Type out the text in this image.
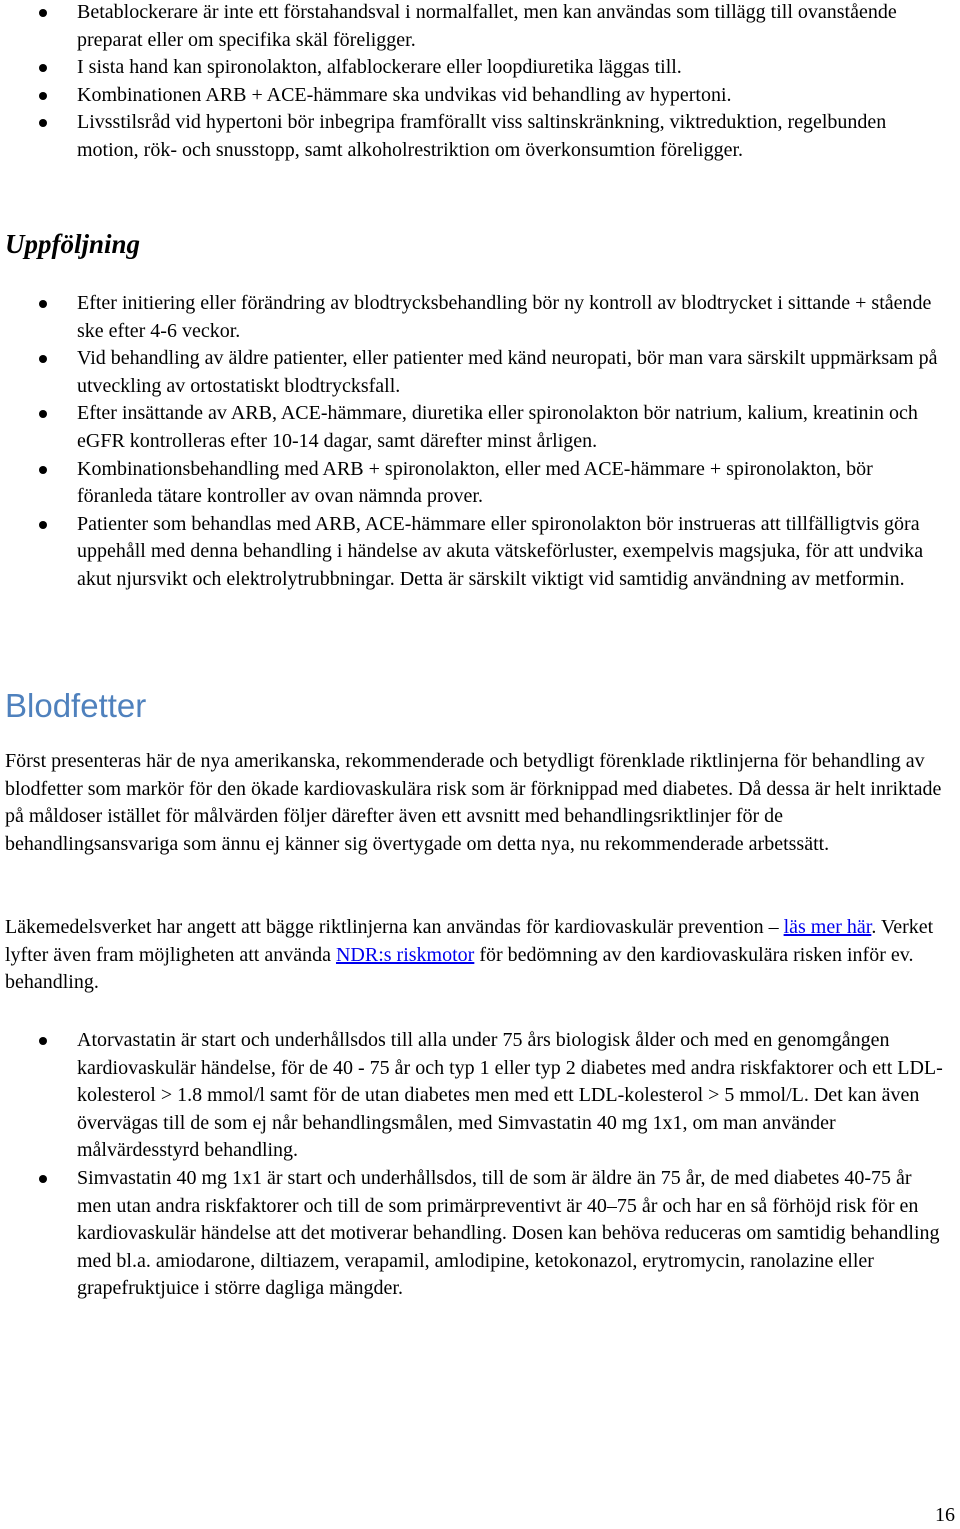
Betablockerare är inte ett förstahandsval i normalfallet, men kan användas som tillägg till ovanstående preparat eller om specifika skäl föreligger.
I sista hand kan spironolakton, alfablockerare eller loopdiuretika läggas till.
Kombinationen ARB + ACE-hämmare ska undvikas vid behandling av hypertoni.
Livsstilsråd vid hypertoni bör inbegripa framförallt viss saltinskränkning, viktreduktion, regelbunden motion, rök- och snusstopp, samt alkoholrestriktion om överkonsumtion föreligger.
Uppföljning
Efter initiering eller förändring av blodtrycksbehandling bör ny kontroll av blodtrycket i sittande + stående ske efter 4-6 veckor.
Vid behandling av äldre patienter, eller patienter med känd neuropati, bör man vara särskilt uppmärksam på utveckling av ortostatiskt blodtrycksfall.
Efter insättande av ARB, ACE-hämmare, diuretika eller spironolakton bör natrium, kalium, kreatinin och eGFR kontrolleras efter 10-14 dagar, samt därefter minst årligen.
Kombinationsbehandling med ARB + spironolakton, eller med ACE-hämmare + spironolakton, bör föranleda tätare kontroller av ovan nämnda prover.
Patienter som behandlas med ARB, ACE-hämmare eller spironolakton bör instrueras att tillfälligtvis göra uppehåll med denna behandling i händelse av akuta vätskeförluster, exempelvis magsjuka, för att undvika akut njursvikt och elektrolytrubbningar. Detta är särskilt viktigt vid samtidig användning av metformin.
Blodfetter

Först presenteras här de nya amerikanska, rekommenderade och betydligt förenklade riktlinjerna för behandling av blodfetter som markör för den ökade kardiovaskulära risk som är förknippad med diabetes. Då dessa är helt inriktade på måldoser istället för målvärden följer därefter även ett avsnitt med behandlingsriktlinjer för de behandlingsansvariga som ännu ej känner sig övertygade om detta nya, nu rekommenderade arbetssätt.

Läkemedelsverket har angett att bägge riktlinjerna kan användas för kardiovaskulär prevention – läs mer här. Verket lyfter även fram möjligheten att använda NDR:s riskmotor för bedömning av den kardiovaskulära risken inför ev. behandling.

Atorvastatin är start och underhållsdos till alla under 75 års biologisk ålder och med en genomgången kardiovaskulär händelse, för de 40 - 75 år och typ 1 eller typ 2 diabetes med andra riskfaktorer och ett LDL-kolesterol > 1.8 mmol/l samt för de utan diabetes men med ett LDL-kolesterol > 5 mmol/L. Det kan även övervägas till de som ej når behandlingsmålen, med Simvastatin 40 mg 1x1, om man använder målvärdesstyrd behandling.
Simvastatin 40 mg 1x1 är start och underhållsdos, till de som är äldre än 75 år, de med diabetes 40-75 år men utan andra riskfaktorer och till de som primärpreventivt är 40–75 år och har en så förhöjd risk för en kardiovaskulär händelse att det motiverar behandling. Dosen kan behöva reduceras om samtidig behandling med bl.a. amiodarone, diltiazem, verapamil, amlodipine, ketokonazol, erytromycin, ranolazine eller grapefruktjuice i större dagliga mängder.
16
